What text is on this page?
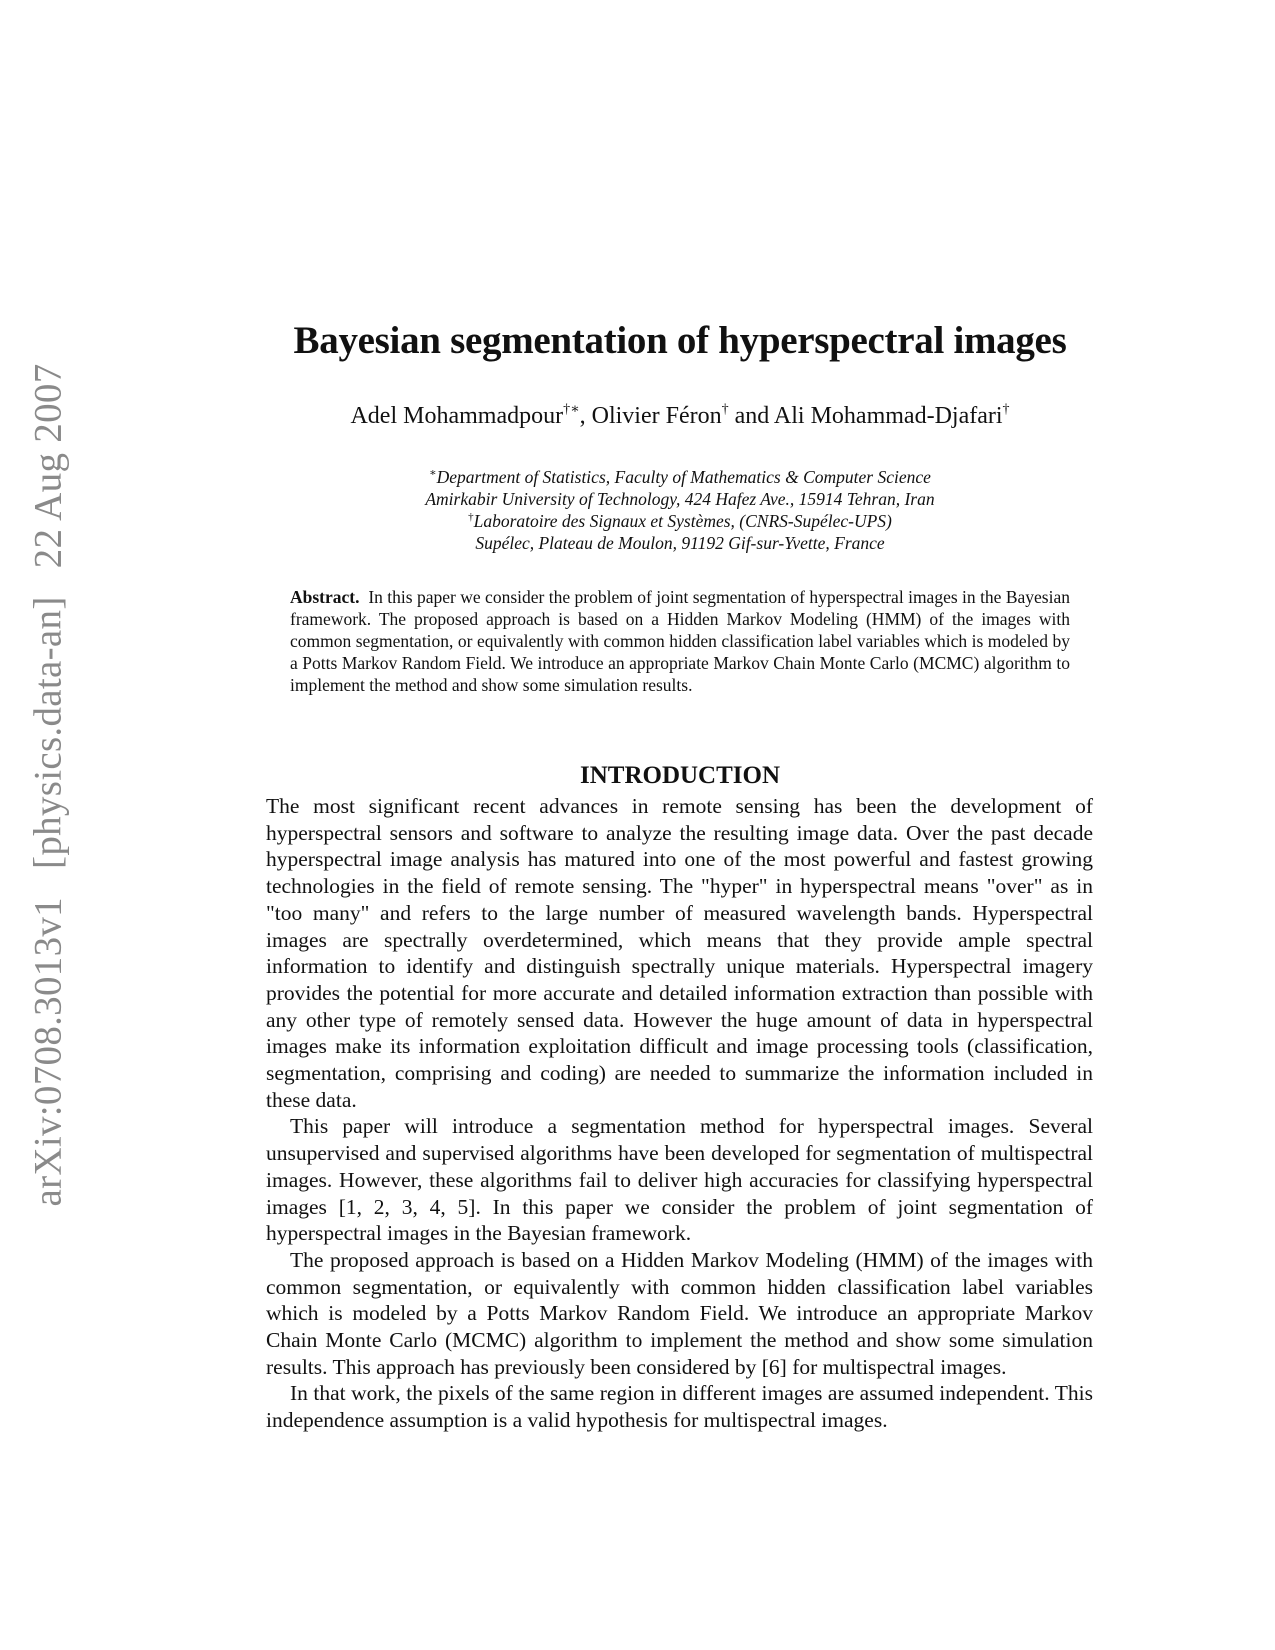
arXiv:0708.3013v1 [physics.data-an] 22 Aug 2007
Bayesian segmentation of hyperspectral images
Adel Mohammadpour†∗, Olivier Féron† and Ali Mohammad-Djafari†
∗Department of Statistics, Faculty of Mathematics & Computer Science
Amirkabir University of Technology, 424 Hafez Ave., 15914 Tehran, Iran
†Laboratoire des Signaux et Systèmes, (CNRS-Supélec-UPS)
Supélec, Plateau de Moulon, 91192 Gif-sur-Yvette, France
Abstract. In this paper we consider the problem of joint segmentation of hyperspectral images in the Bayesian framework. The proposed approach is based on a Hidden Markov Modeling (HMM) of the images with common segmentation, or equivalently with common hidden classification label variables which is modeled by a Potts Markov Random Field. We introduce an appropriate Markov Chain Monte Carlo (MCMC) algorithm to implement the method and show some simulation results.
INTRODUCTION

The most significant recent advances in remote sensing has been the development of hyperspectral sensors and software to analyze the resulting image data. Over the past decade hyperspectral image analysis has matured into one of the most powerful and fastest growing technologies in the field of remote sensing. The "hyper" in hyperspectral means "over" as in "too many" and refers to the large number of measured wavelength bands. Hyperspectral images are spectrally overdetermined, which means that they provide ample spectral information to identify and distinguish spectrally unique materials. Hyperspectral imagery provides the potential for more accurate and detailed information extraction than possible with any other type of remotely sensed data. However the huge amount of data in hyperspectral images make its information exploitation difficult and image processing tools (classification, segmentation, comprising and coding) are needed to summarize the information included in these data.

This paper will introduce a segmentation method for hyperspectral images. Several unsupervised and supervised algorithms have been developed for segmentation of multispectral images. However, these algorithms fail to deliver high accuracies for classifying hyperspectral images [1, 2, 3, 4, 5]. In this paper we consider the problem of joint segmentation of hyperspectral images in the Bayesian framework.

The proposed approach is based on a Hidden Markov Modeling (HMM) of the images with common segmentation, or equivalently with common hidden classification label variables which is modeled by a Potts Markov Random Field. We introduce an appropriate Markov Chain Monte Carlo (MCMC) algorithm to implement the method and show some simulation results. This approach has previously been considered by [6] for multispectral images.

In that work, the pixels of the same region in different images are assumed independent. This independence assumption is a valid hypothesis for multispectral images.
